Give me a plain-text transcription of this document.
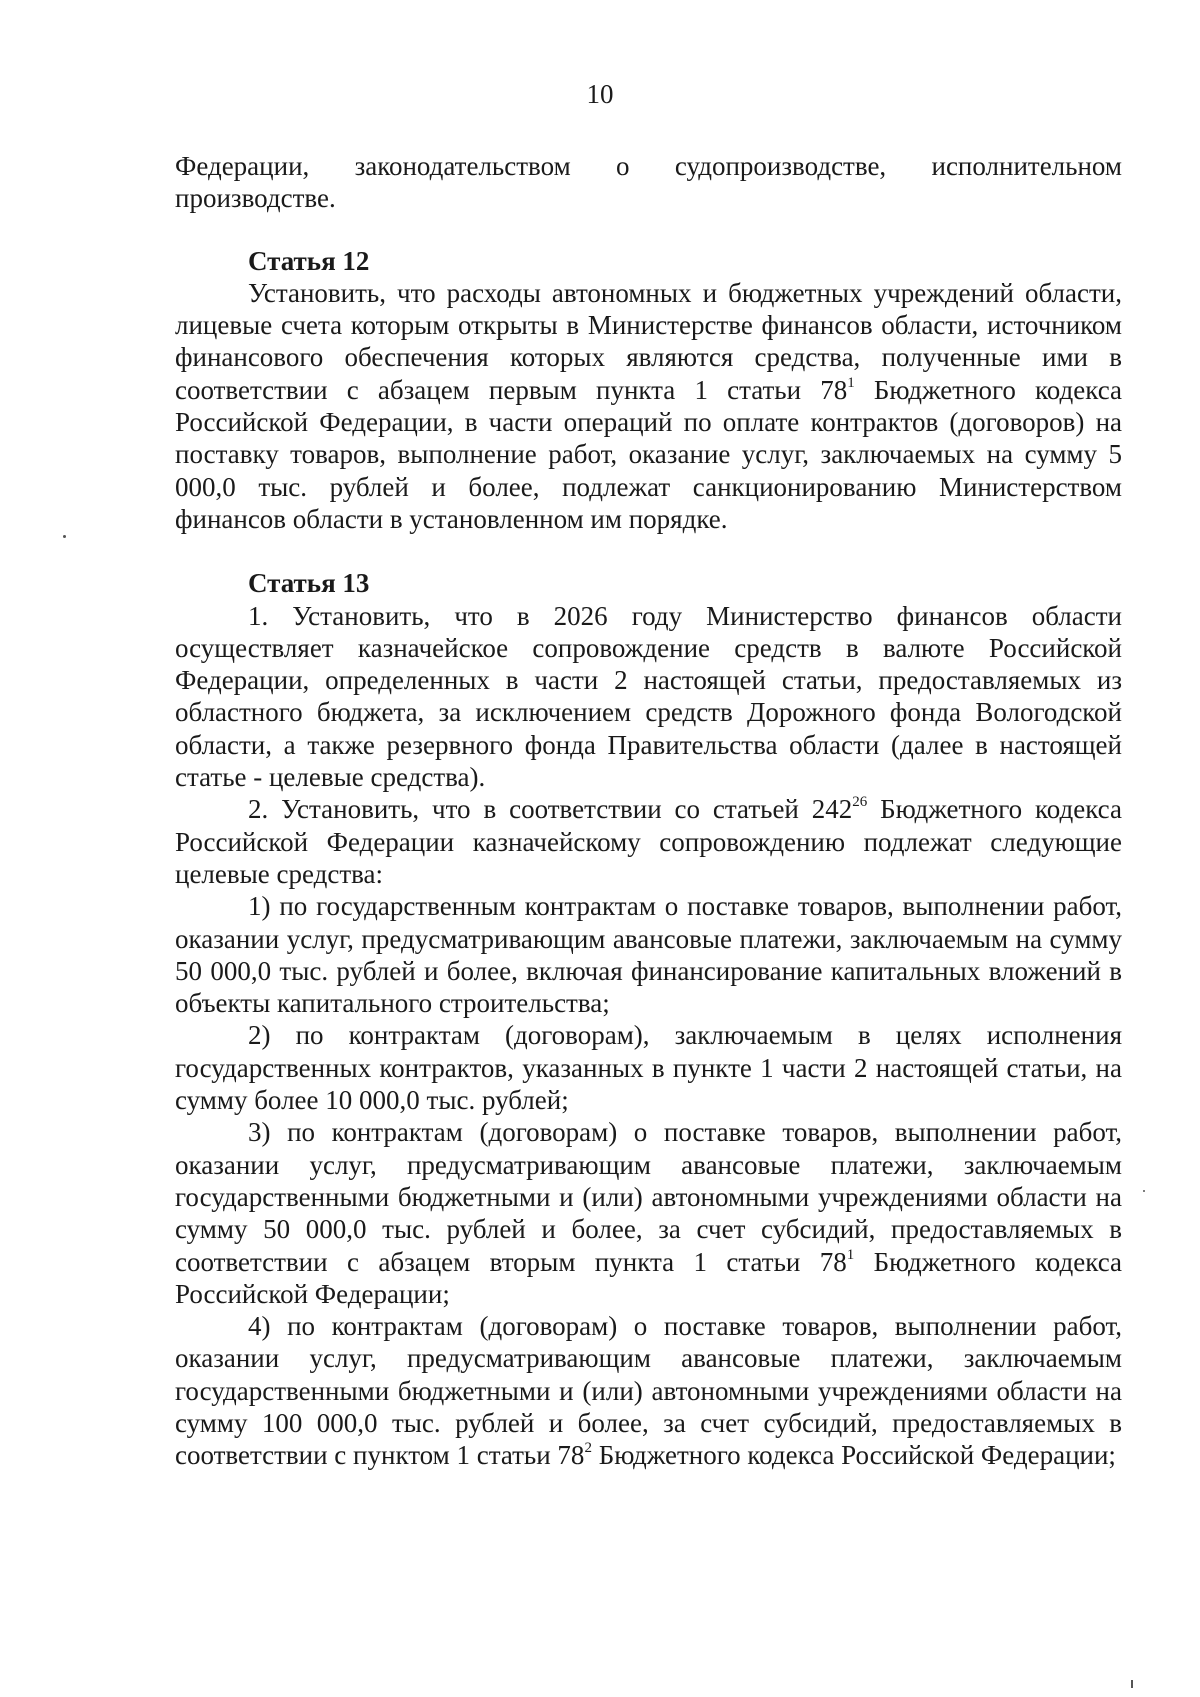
10

Федерации, законодательством о судопроизводстве, исполнительном производстве.

Статья 12

Установить, что расходы автономных и бюджетных учреждений области, лицевые счета которым открыты в Министерстве финансов области, источником финансового обеспечения которых являются средства, полученные ими в соответствии с абзацем первым пункта 1 статьи $78^1$ Бюджетного кодекса Российской Федерации, в части операций по оплате контрактов (договоров) на поставку товаров, выполнение работ, оказание услуг, заключаемых на сумму 5 000,0 тыс. рублей и более, подлежат санкционированию Министерством финансов области в установленном им порядке.

Статья 13

1. Установить, что в 2026 году Министерство финансов области осуществляет казначейское сопровождение средств в валюте Российской Федерации, определенных в части 2 настоящей статьи, предоставляемых из областного бюджета, за исключением средств Дорожного фонда Вологодской области, а также резервного фонда Правительства области (далее в настоящей статье - целевые средства).

2. Установить, что в соответствии со статьей $242^{26}$ Бюджетного кодекса Российской Федерации казначейскому сопровождению подлежат следующие целевые средства:

1) по государственным контрактам о поставке товаров, выполнении работ, оказании услуг, предусматривающим авансовые платежи, заключаемым на сумму 50 000,0 тыс. рублей и более, включая финансирование капитальных вложений в объекты капитального строительства;

2) по контрактам (договорам), заключаемым в целях исполнения государственных контрактов, указанных в пункте 1 части 2 настоящей статьи, на сумму более 10 000,0 тыс. рублей;

3) по контрактам (договорам) о поставке товаров, выполнении работ, оказании услуг, предусматривающим авансовые платежи, заключаемым государственными бюджетными и (или) автономными учреждениями области на сумму 50 000,0 тыс. рублей и более, за счет субсидий, предоставляемых в соответствии с абзацем вторым пункта 1 статьи $78^1$ Бюджетного кодекса Российской Федерации;

4) по контрактам (договорам) о поставке товаров, выполнении работ, оказании услуг, предусматривающим авансовые платежи, заключаемым государственными бюджетными и (или) автономными учреждениями области на сумму 100 000,0 тыс. рублей и более, за счет субсидий, предоставляемых в соответствии с пунктом 1 статьи $78^2$ Бюджетного кодекса Российской Федерации;
